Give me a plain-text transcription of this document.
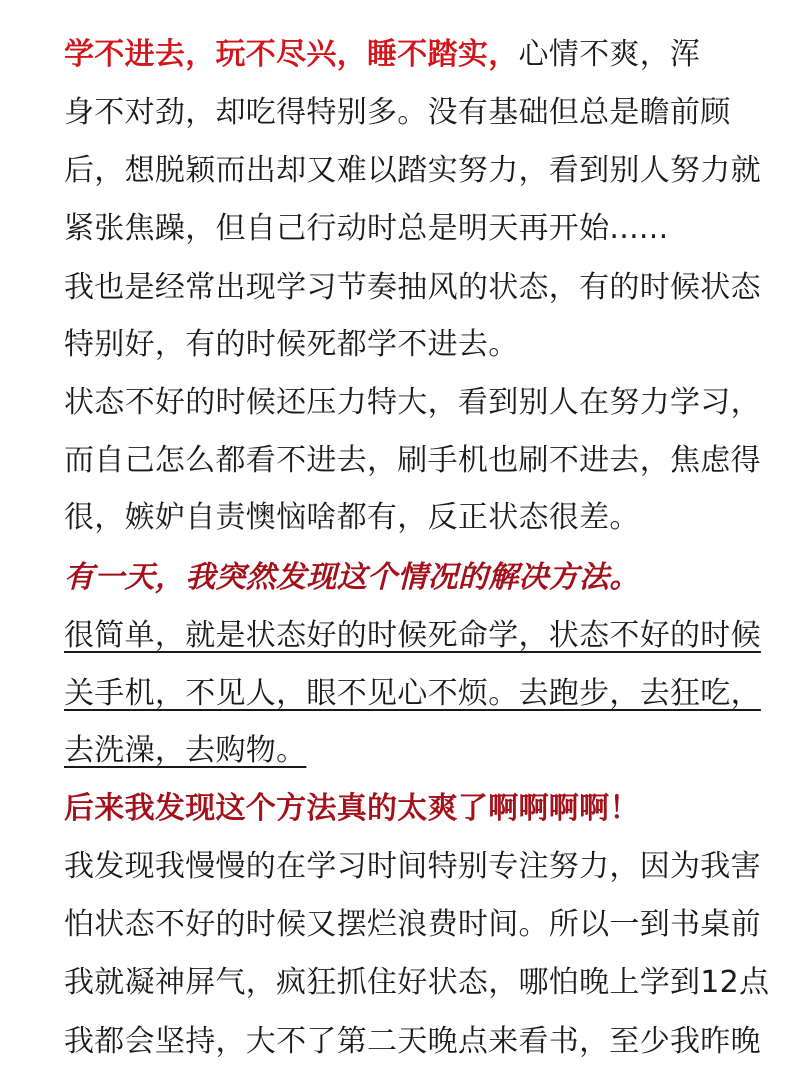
学不进去，玩不尽兴，睡不踏实，心情不爽，浑
身不对劲，却吃得特别多。没有基础但总是瞻前顾
后，想脱颖而出却又难以踏实努力，看到别人努力就
紧张焦躁，但自己行动时总是明天再开始......
我也是经常出现学习节奏抽风的状态，有的时候状态
特别好，有的时候死都学不进去。
状态不好的时候还压力特大，看到别人在努力学习，
而自己怎么都看不进去，刷手机也刷不进去，焦虑得
很，嫉妒自责懊恼啥都有，反正状态很差。
有一天，我突然发现这个情况的解决方法。
很简单，就是状态好的时候死命学，状态不好的时候
关手机，不见人，眼不见心不烦。去跑步，去狂吃，
去洗澡，去购物。
后来我发现这个方法真的太爽了啊啊啊啊！
我发现我慢慢的在学习时间特别专注努力，因为我害
怕状态不好的时候又摆烂浪费时间。所以一到书桌前
我就凝神屏气，疯狂抓住好状态，哪怕晚上学到12点
我都会坚持，大不了第二天晚点来看书，至少我昨晚
